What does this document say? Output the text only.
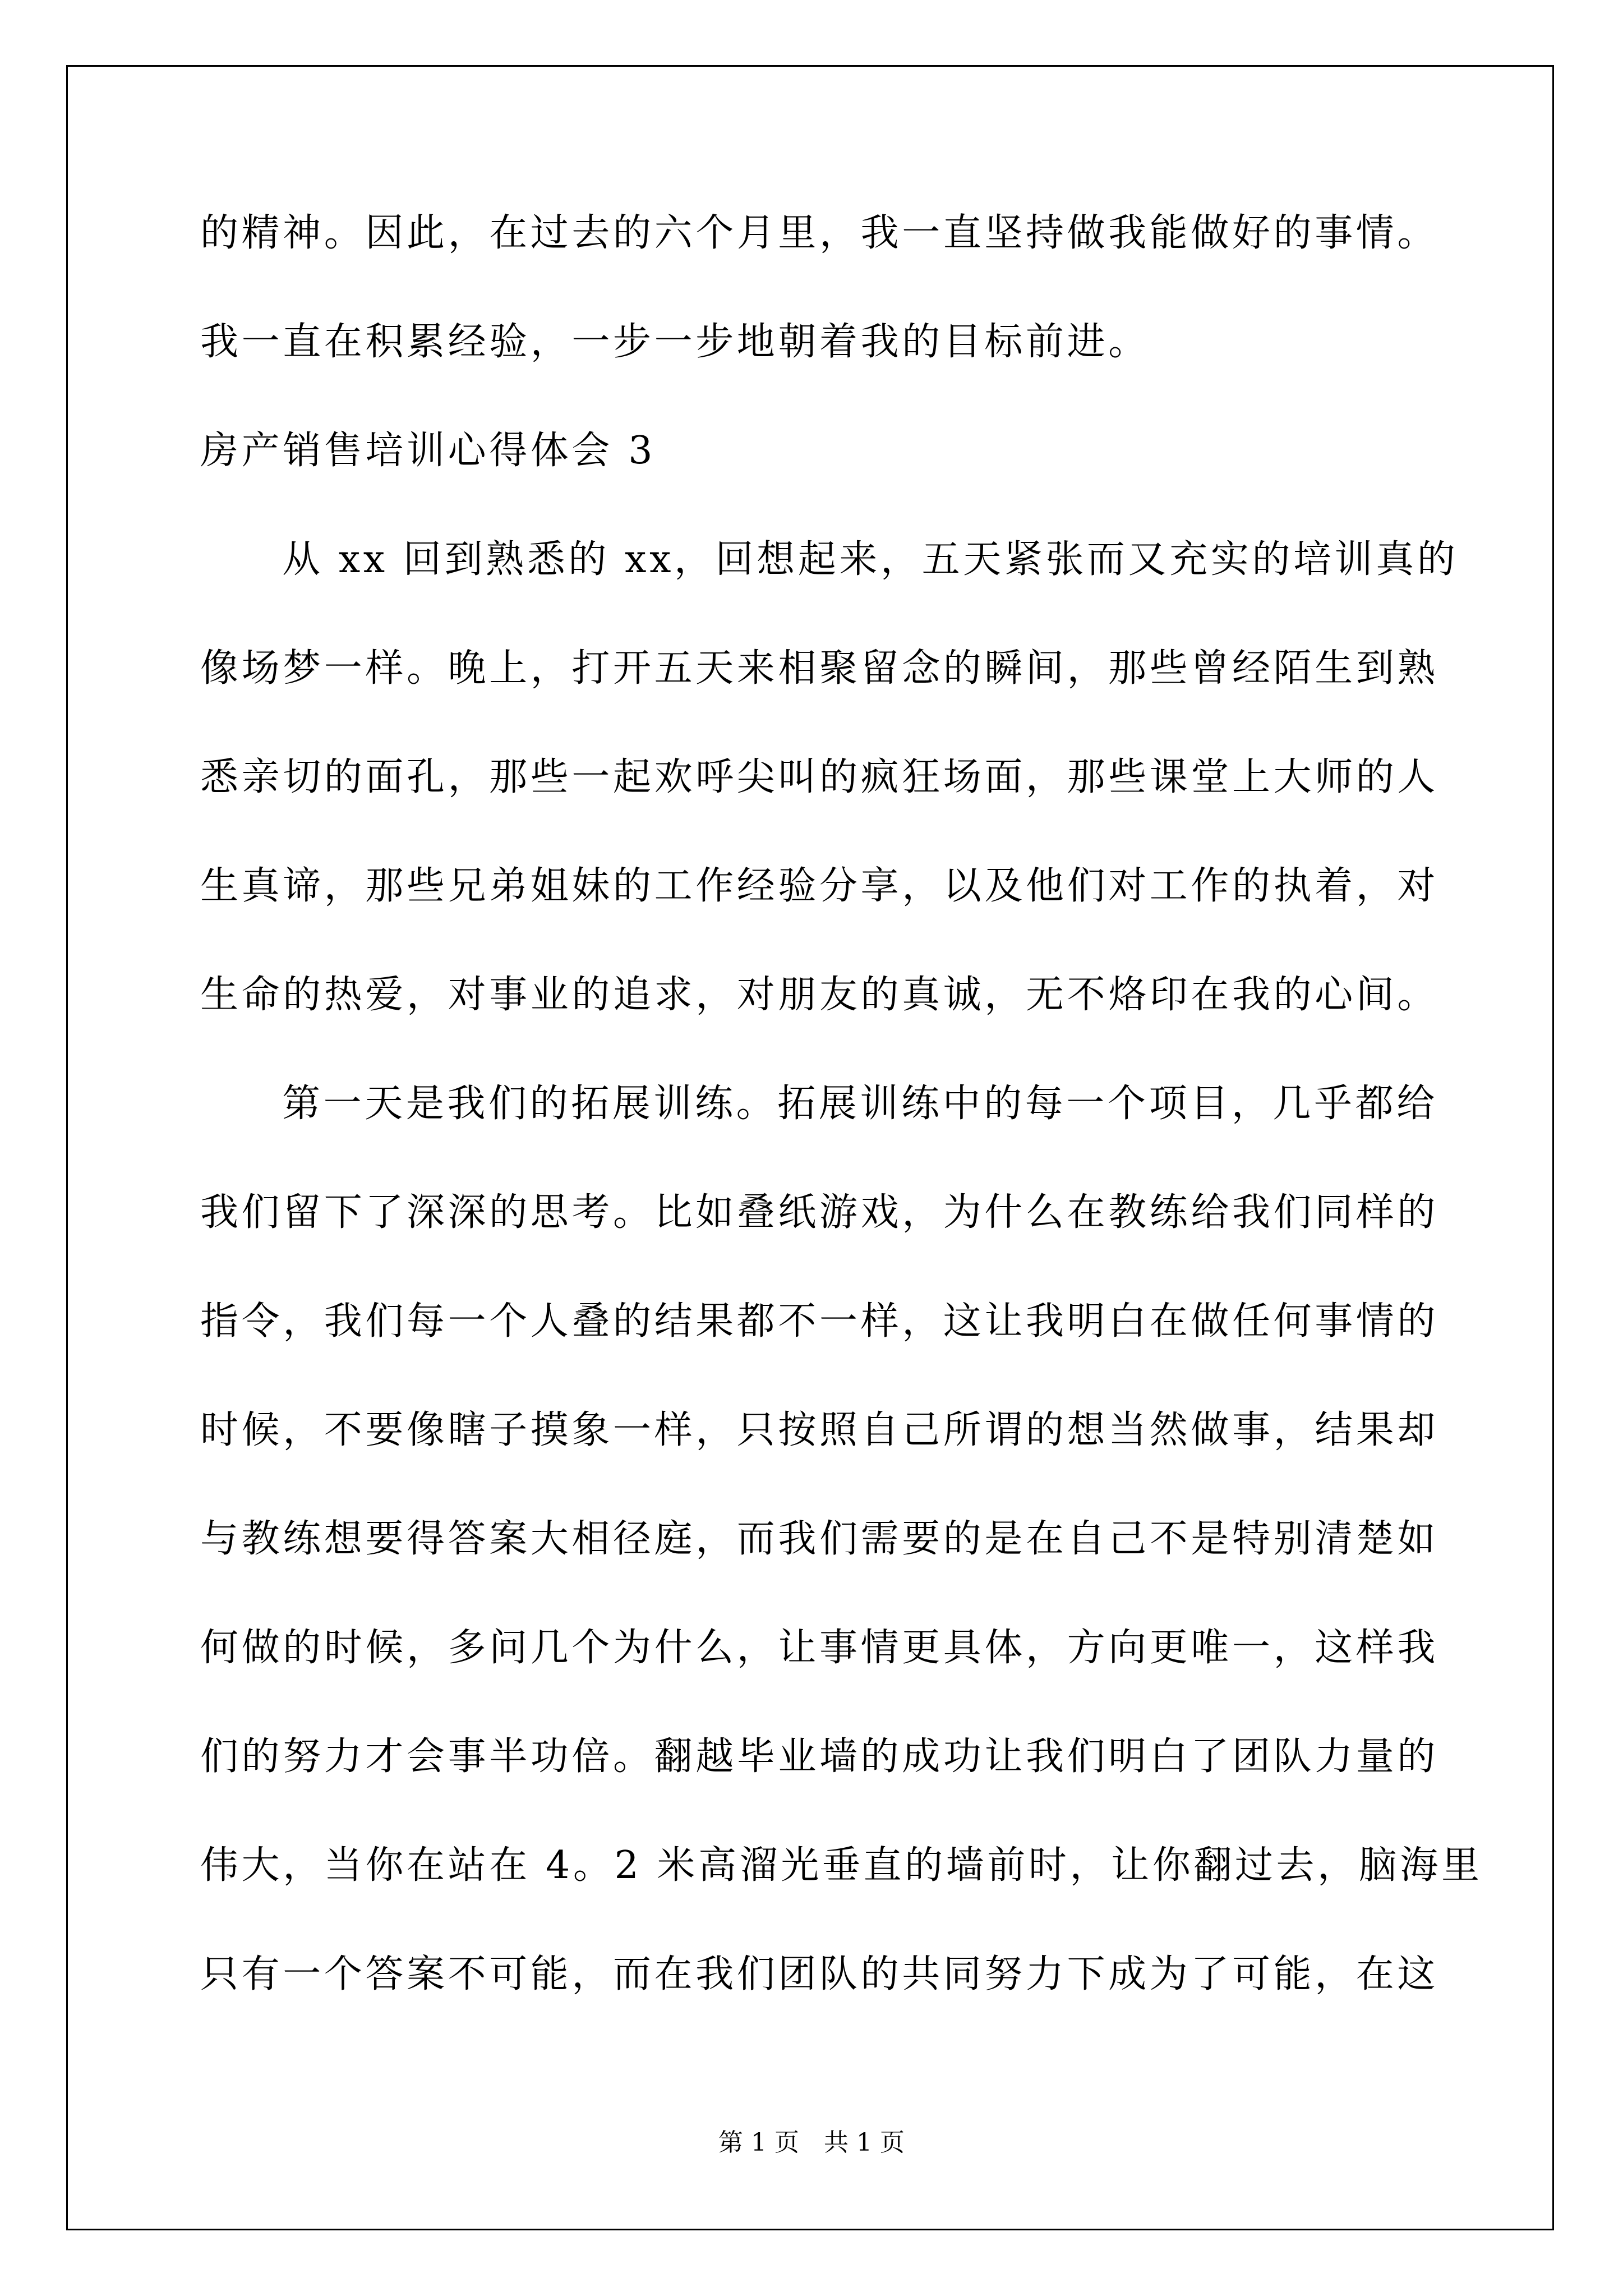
的精神。因此，在过去的六个月里，我一直坚持做我能做好的事情。
我一直在积累经验，一步一步地朝着我的目标前进。
房产销售培训心得体会 3
从 xx 回到熟悉的 xx，回想起来，五天紧张而又充实的培训真的
像场梦一样。晚上，打开五天来相聚留念的瞬间，那些曾经陌生到熟
悉亲切的面孔，那些一起欢呼尖叫的疯狂场面，那些课堂上大师的人
生真谛，那些兄弟姐妹的工作经验分享，以及他们对工作的执着，对
生命的热爱，对事业的追求，对朋友的真诚，无不烙印在我的心间。
第一天是我们的拓展训练。拓展训练中的每一个项目，几乎都给
我们留下了深深的思考。比如叠纸游戏，为什么在教练给我们同样的
指令，我们每一个人叠的结果都不一样，这让我明白在做任何事情的
时候，不要像瞎子摸象一样，只按照自己所谓的想当然做事，结果却
与教练想要得答案大相径庭，而我们需要的是在自己不是特别清楚如
何做的时候，多问几个为什么，让事情更具体，方向更唯一，这样我
们的努力才会事半功倍。翻越毕业墙的成功让我们明白了团队力量的
伟大，当你在站在 4。2 米高溜光垂直的墙前时，让你翻过去，脑海里
只有一个答案不可能，而在我们团队的共同努力下成为了可能，在这
第 1 页　共 1 页
